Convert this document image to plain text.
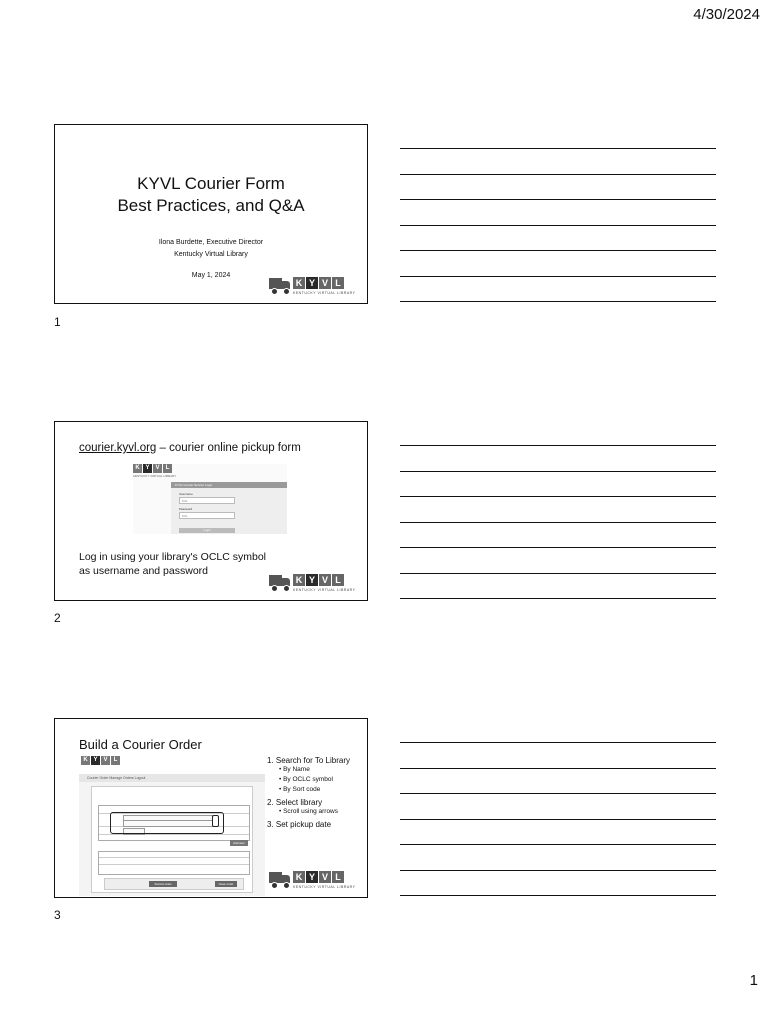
4/30/2024
KYVL Courier Form
Best Practices, and Q&A
Ilona Burdette, Executive Director
Kentucky Virtual Library
May 1, 2024
K Y V L
KENTUCKY VIRTUAL LIBRARY
1
courier.kyvl.org – courier online pickup form
K Y V	L
KENTUCKY VIRTUAL LIBRARY
KYVL Courier Service Login
Username
KVL
Password
KVL
Login
Log in using your library's OCLC symbol
as username and password
K Y V L
KENTUCKY VIRTUAL LIBRARY
2
Build a Courier Order
K Y V	L
Courier Order Manage Orders Logout
Add item
Submit order	Clear order
1. Search for To Library
• By Name
• By OCLC symbol
• By Sort code
2. Select library
• Scroll using arrows
3. Set pickup date
K Y V L
KENTUCKY VIRTUAL LIBRARY
3
1
